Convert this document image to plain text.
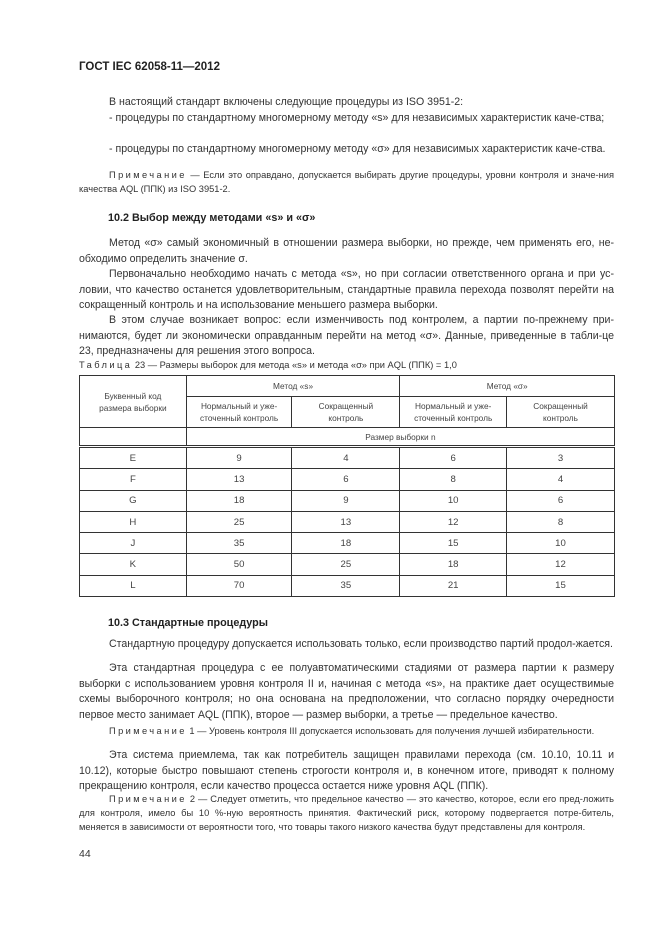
ГОСТ IEC 62058-11—2012
В настоящий стандарт включены следующие процедуры из ISO 3951-2:
- процедуры по стандартному многомерному методу «s» для независимых характеристик каче-ства;
- процедуры по стандартному многомерному методу «σ» для независимых характеристик каче-ства.
Примечание — Если это оправдано, допускается выбирать другие процедуры, уровни контроля и значе-ния качества AQL (ППК) из ISO 3951-2.
10.2 Выбор между методами «s» и «σ»
Метод «σ» самый экономичный в отношении размера выборки, но прежде, чем применять его, не-обходимо определить значение σ.
Первоначально необходимо начать с метода «s», но при согласии ответственного органа и при ус-ловии, что качество останется удовлетворительным, стандартные правила перехода позволят перейти на сокращенный контроль и на использование меньшего размера выборки.
В этом случае возникает вопрос: если изменчивость под контролем, а партии по-прежнему при-нимаются, будет ли экономически оправданным перейти на метод «σ». Данные, приведенные в табли-це 23, предназначены для решения этого вопроса.
Таблица 23 — Размеры выборок для метода «s» и метода «σ» при AQL (ППК) = 1,0
Буквенный код размера выборки	Метод «s»		Метод «σ»	
	Нормальный и уже-сточенный контроль	Сокращенный контроль	Нормальный и уже-сточенный контроль	Сокращенный контроль
	Размер выборки n			
E	9	4	6	3
F	13	6	8	4
G	18	9	10	6
H	25	13	12	8
J	35	18	15	10
K	50	25	18	12
L	70	35	21	15
10.3 Стандартные процедуры
Стандартную процедуру допускается использовать только, если производство партий продол-жается.
Эта стандартная процедура с ее полуавтоматическими стадиями от размера партии к размеру выборки с использованием уровня контроля II и, начиная с метода «s», на практике дает осуществимые схемы выборочного контроля; но она основана на предположении, что согласно порядку очередности первое место занимает AQL (ППК), второе — размер выборки, а третье — предельное качество.
Примечание 1 — Уровень контроля III допускается использовать для получения лучшей избирательности.
Эта система приемлема, так как потребитель защищен правилами перехода (см. 10.10, 10.11 и 10.12), которые быстро повышают степень строгости контроля и, в конечном итоге, приводят к полному прекращению контроля, если качество процесса остается ниже уровня AQL (ППК).
Примечание 2 — Следует отметить, что предельное качество — это качество, которое, если его пред-ложить для контроля, имело бы 10 %-ную вероятность принятия. Фактический риск, которому подвергается потре-битель, меняется в зависимости от вероятности того, что товары такого низкого качества будут представлены для контроля.
44
